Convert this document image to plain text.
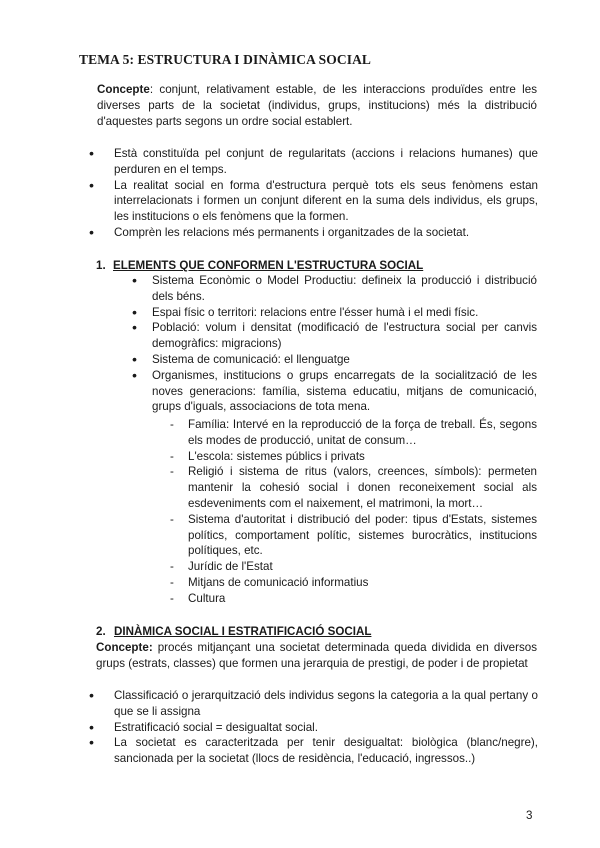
TEMA 5: ESTRUCTURA I DINÀMICA SOCIAL
Concepte: conjunt, relativament estable, de les interaccions produïdes entre les diverses parts de la societat (individus, grups, institucions) més la distribució d'aquestes parts segons un ordre social establert.
● ● Està constituïda pel conjunt de regularitats (accions i relacions humanes) que perduren en el temps.
● ● La realitat social en forma d'estructura perquè tots els seus fenòmens estan interrelacionats i formen un conjunt diferent en la suma dels individus, els grups, les institucions o els fenòmens que la formen.
● ● Comprèn les relacions més permanents i organitzades de la societat.
1. ELEMENTS QUE CONFORMEN L'ESTRUCTURA SOCIAL
● ● Sistema Econòmic o Model Productiu: defineix la producció i distribució dels béns.
● ● Espai físic o territori: relacions entre l'ésser humà i el medi físic.
● ● Població: volum i densitat (modificació de l'estructura social per canvis demogràfics: migracions)
● ● Sistema de comunicació: el llenguatge
● ● Organismes, institucions o grups encarregats de la socialització de les noves generacions: família, sistema educatiu, mitjans de comunicació, grups d'iguals, associacions de tota mena.
- Família: Intervé en la reproducció de la força de treball. És, segons els modes de producció, unitat de consum…
- L'escola: sistemes públics i privats
- Religió i sistema de ritus (valors, creences, símbols): permeten mantenir la cohesió social i donen reconeixement social als esdeveniments com el naixement, el matrimoni, la mort…
- Sistema d'autoritat i distribució del poder: tipus d'Estats, sistemes polítics, comportament polític, sistemes burocràtics, institucions polítiques, etc.
- Jurídic de l'Estat
- Mitjans de comunicació informatius
- Cultura
2. DINÀMICA SOCIAL I ESTRATIFICACIÓ SOCIAL
Concepte: procés mitjançant una societat determinada queda dividida en diversos grups (estrats, classes) que formen una jerarquia de prestigi, de poder i de propietat
● ● Classificació o jerarquització dels individus segons la categoria a la qual pertany o que se li assigna
● ● Estratificació social = desigualtat social.
● ● La societat es caracteritzada per tenir desigualtat: biològica (blanc/negre), sancionada per la societat (llocs de residència, l'educació, ingressos..)
3
